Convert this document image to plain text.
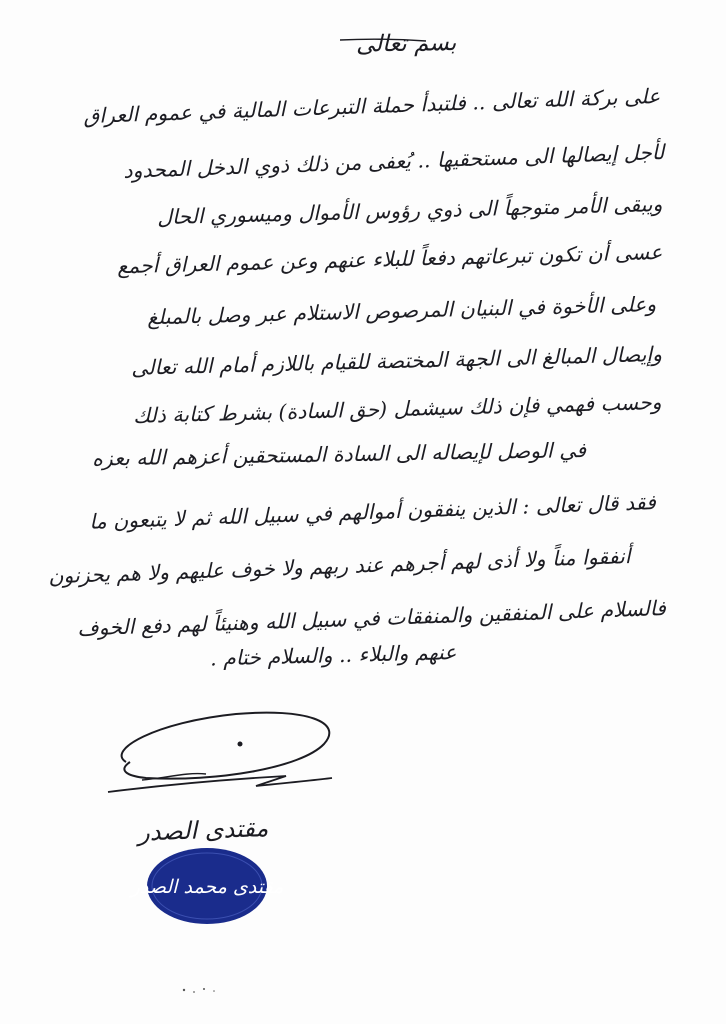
بسم تعالى
على بركة الله تعالى .. فلتبدأ حملة التبرعات المالية في عموم العراق
لأجل إيصالها الى مستحقيها .. يُعفى من ذلك ذوي الدخل المحدود
ويبقى الأمر متوجهاً الى ذوي رؤوس الأموال وميسوري الحال
عسى أن تكون تبرعاتهم دفعاً للبلاء عنهم وعن عموم العراق أجمع
وعلى الأخوة في البنيان المرصوص الاستلام عبر وصل بالمبلغ
وإيصال المبالغ الى الجهة المختصة للقيام باللازم أمام الله تعالى
وحسب فهمي فإن ذلك سيشمل (حق السادة) بشرط كتابة ذلك
في الوصل لإيصاله الى السادة المستحقين أعزهم الله بعزه
فقد قال تعالى : الذين ينفقون أموالهم في سبيل الله ثم لا يتبعون ما
أنفقوا مناً ولا أذى لهم أجرهم عند ربهم ولا خوف عليهم ولا هم يحزنون
فالسلام على المنفقين والمنفقات في سبيل الله وهنيئاً لهم دفع الخوف
عنهم والبلاء .. والسلام ختام .
مقتدى الصدر
مقتدى محمد الصدر
